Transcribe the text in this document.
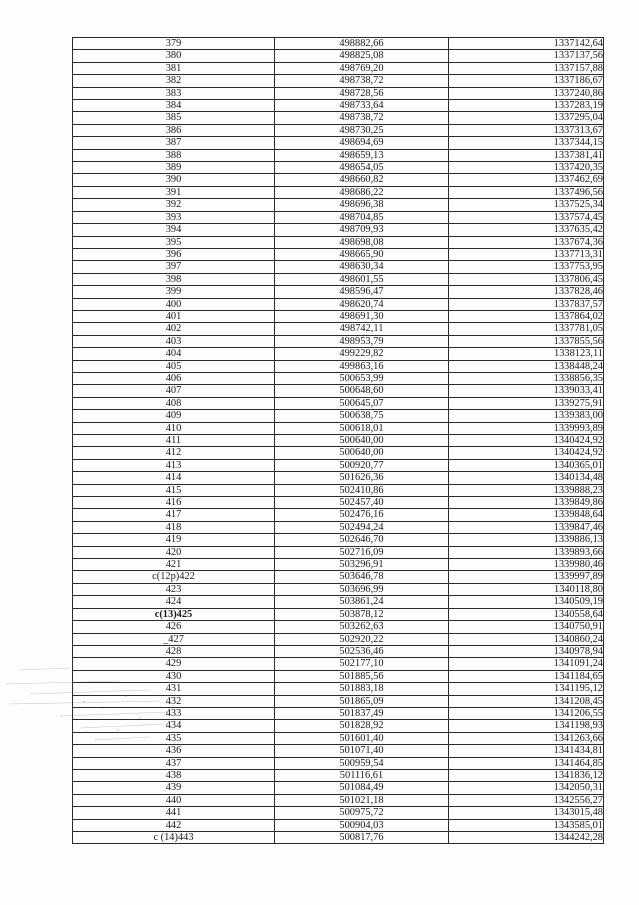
379	498882,66	1337142,64
380	498825,08	1337137,56
381	498769,20	1337157,88
382	498738,72	1337186,67
383	498728,56	1337240,86
384	498733,64	1337283,19
385	498738,72	1337295,04
386	498730,25	1337313,67
387	498694,69	1337344,15
388	498659,13	1337381,41
389	498654,05	1337420,35
390	498660,82	1337462,69
391	498686,22	1337496,56
392	498696,38	1337525,34
393	498704,85	1337574,45
394	498709,93	1337635,42
395	498698,08	1337674,36
396	498665,90	1337713,31
397	498630,34	1337753,95
398	498601,55	1337806,45
399	498596,47	1337828,46
400	498620,74	1337837,57
401	498691,30	1337864,02
402	498742,11	1337781,05
403	498953,79	1337855,56
404	499229,82	1338123,11
405	499863,16	1338448,24
406	500653,99	1338856,35
407	500648,60	1339033,41
408	500645,07	1339275,91
409	500638,75	1339383,00
410	500618,01	1339993,89
411	500640,00	1340424,92
412	500640,00	1340424,92
413	500920,77	1340365,01
414	501626,36	1340134,48
415	502410,86	1339888,23
416	502457,40	1339849,86
417	502476,16	1339848,64
418	502494,24	1339847,46
419	502646,70	1339886,13
420	502716,09	1339893,66
421	503296,91	1339980,46
с(12р)422	503646,78	1339997,89
423	503696,99	1340118,80
424	503861,24	1340509,19
с(13)425	503878,12	1340558,64
426	503262,63	1340750,91
_427	502920,22	1340860,24
428	502536,46	1340978,94
429	502177,10	1341091,24
430	501885,56	1341184,65
431	501883,18	1341195,12
432	501865,09	1341208,45
433	501837,49	1341206,55
434	501828,92	1341198,93
435	501601,40	1341263,66
436	501071,40	1341434,81
437	500959,54	1341464,85
438	501116,61	1341836,12
439	501084,49	1342050,31
440	501021,18	1342556,27
441	500975,72	1343015,48
442	500904,03	1343585,01
с (14)443	500817,76	1344242,28
